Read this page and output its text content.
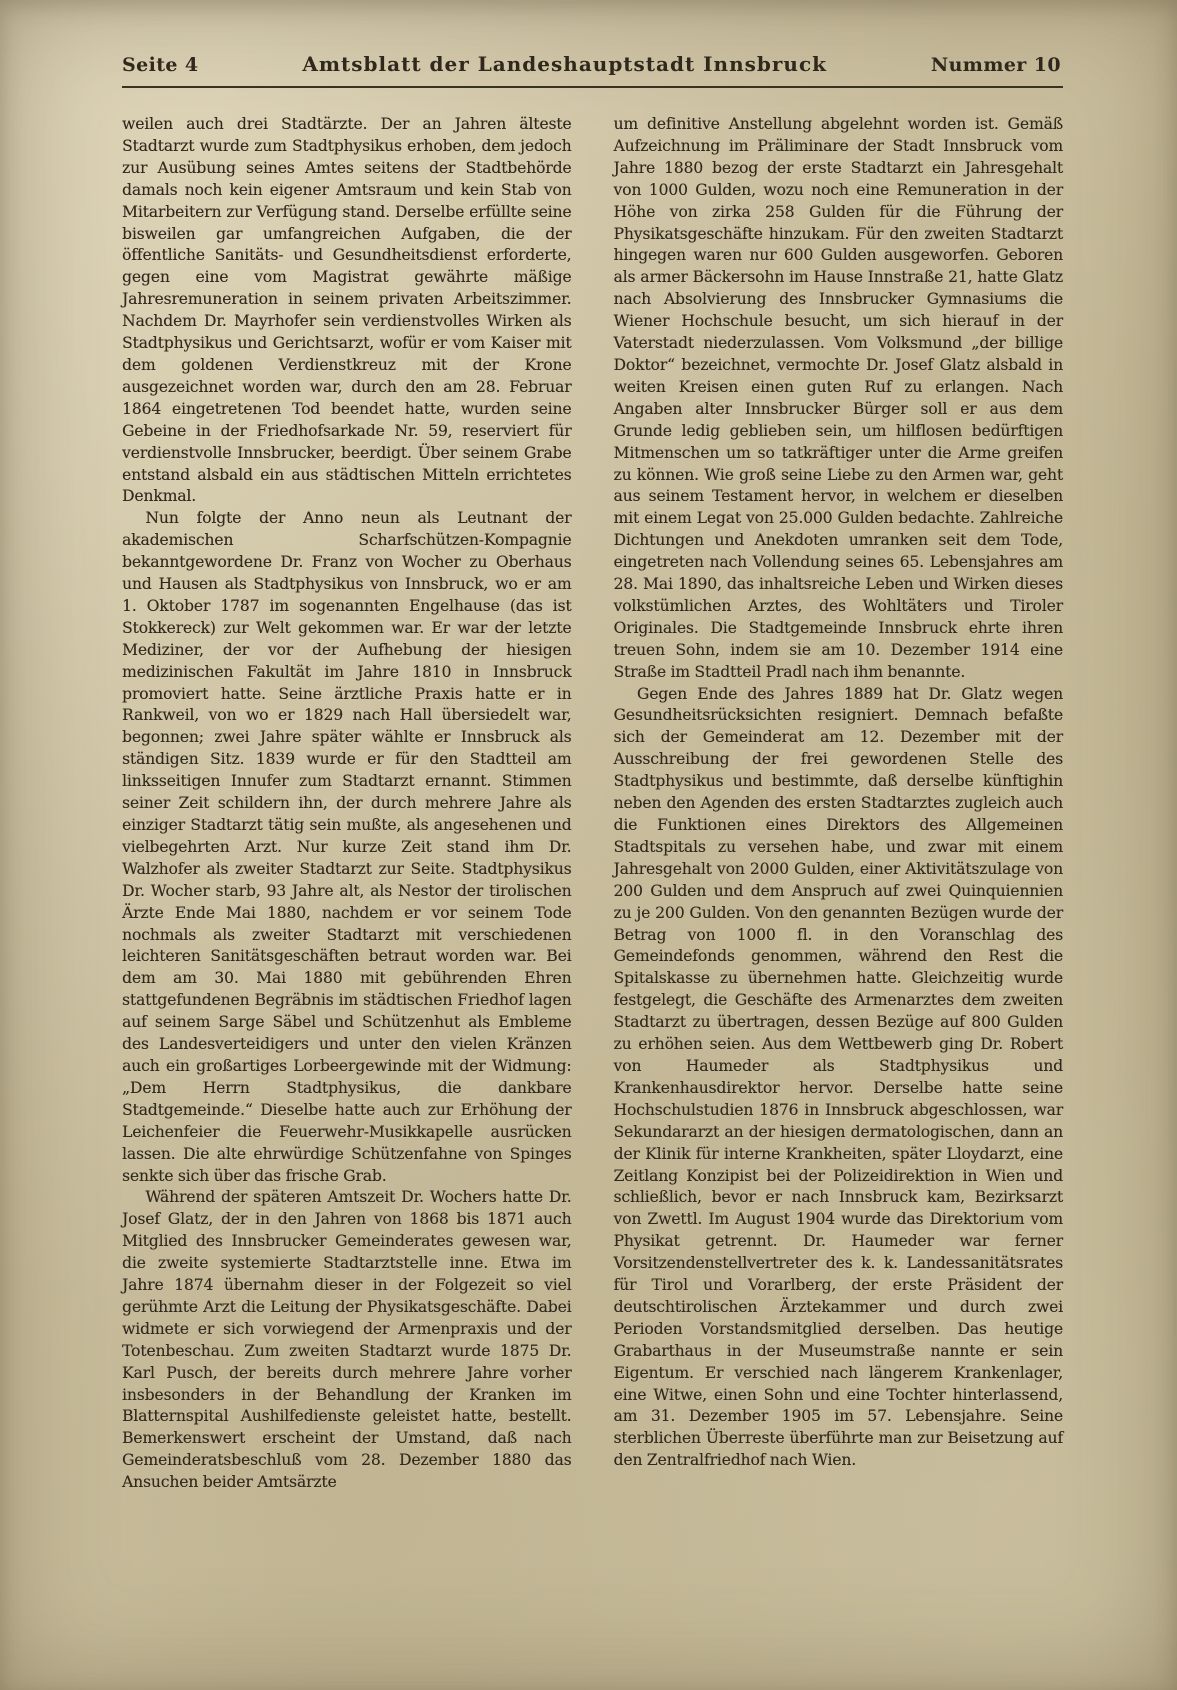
Seite 4	Amtsblatt der Landeshauptstadt Innsbruck	Nummer 10

weilen auch drei Stadtärzte. Der an Jahren älteste Stadtarzt wurde zum Stadtphysikus erhoben, dem jedoch zur Ausübung seines Amtes seitens der Stadtbehörde damals noch kein eigener Amtsraum und kein Stab von Mitarbeitern zur Verfügung stand. Derselbe erfüllte seine bisweilen gar umfangreichen Aufgaben, die der öffentliche Sanitäts- und Gesundheitsdienst erforderte, gegen eine vom Magistrat gewährte mäßige Jahresremuneration in seinem privaten Arbeitszimmer. Nachdem Dr. Mayrhofer sein verdienstvolles Wirken als Stadtphysikus und Gerichtsarzt, wofür er vom Kaiser mit dem goldenen Verdienstkreuz mit der Krone ausgezeichnet worden war, durch den am 28. Februar 1864 eingetretenen Tod beendet hatte, wurden seine Gebeine in der Friedhofsarkade Nr. 59, reserviert für verdienstvolle Innsbrucker, beerdigt. Über seinem Grabe entstand alsbald ein aus städtischen Mitteln errichtetes Denkmal.

Nun folgte der Anno neun als Leutnant der akademischen Scharfschützen-Kompagnie bekanntgewordene Dr. Franz von Wocher zu Oberhaus und Hausen als Stadtphysikus von Innsbruck, wo er am 1. Oktober 1787 im sogenannten Engelhause (das ist Stokkereck) zur Welt gekommen war. Er war der letzte Mediziner, der vor der Aufhebung der hiesigen medizinischen Fakultät im Jahre 1810 in Innsbruck promoviert hatte. Seine ärztliche Praxis hatte er in Rankweil, von wo er 1829 nach Hall übersiedelt war, begonnen; zwei Jahre später wählte er Innsbruck als ständigen Sitz. 1839 wurde er für den Stadtteil am linksseitigen Innufer zum Stadtarzt ernannt. Stimmen seiner Zeit schildern ihn, der durch mehrere Jahre als einziger Stadtarzt tätig sein mußte, als angesehenen und vielbegehrten Arzt. Nur kurze Zeit stand ihm Dr. Walzhofer als zweiter Stadtarzt zur Seite. Stadtphysikus Dr. Wocher starb, 93 Jahre alt, als Nestor der tirolischen Ärzte Ende Mai 1880, nachdem er vor seinem Tode nochmals als zweiter Stadtarzt mit verschiedenen leichteren Sanitätsgeschäften betraut worden war. Bei dem am 30. Mai 1880 mit gebührenden Ehren stattgefundenen Begräbnis im städtischen Friedhof lagen auf seinem Sarge Säbel und Schützenhut als Embleme des Landesverteidigers und unter den vielen Kränzen auch ein großartiges Lorbeergewinde mit der Widmung: „Dem Herrn Stadtphysikus, die dankbare Stadtgemeinde.“ Dieselbe hatte auch zur Erhöhung der Leichenfeier die Feuerwehr-Musikkapelle ausrücken lassen. Die alte ehrwürdige Schützenfahne von Spinges senkte sich über das frische Grab.

Während der späteren Amtszeit Dr. Wochers hatte Dr. Josef Glatz, der in den Jahren von 1868 bis 1871 auch Mitglied des Innsbrucker Gemeinderates gewesen war, die zweite systemierte Stadtarztstelle inne. Etwa im Jahre 1874 übernahm dieser in der Folgezeit so viel gerühmte Arzt die Leitung der Physikatsgeschäfte. Dabei widmete er sich vorwiegend der Armenpraxis und der Totenbeschau. Zum zweiten Stadtarzt wurde 1875 Dr. Karl Pusch, der bereits durch mehrere Jahre vorher insbesonders in der Behandlung der Kranken im Blatternspital Aushilfedienste geleistet hatte, bestellt. Bemerkenswert erscheint der Umstand, daß nach Gemeinderatsbeschluß vom 28. Dezember 1880 das Ansuchen beider Amtsärzte

um definitive Anstellung abgelehnt worden ist. Gemäß Aufzeichnung im Präliminare der Stadt Innsbruck vom Jahre 1880 bezog der erste Stadtarzt ein Jahresgehalt von 1000 Gulden, wozu noch eine Remuneration in der Höhe von zirka 258 Gulden für die Führung der Physikatsgeschäfte hinzukam. Für den zweiten Stadtarzt hingegen waren nur 600 Gulden ausgeworfen. Geboren als armer Bäckersohn im Hause Innstraße 21, hatte Glatz nach Absolvierung des Innsbrucker Gymnasiums die Wiener Hochschule besucht, um sich hierauf in der Vaterstadt niederzulassen. Vom Volksmund „der billige Doktor“ bezeichnet, vermochte Dr. Josef Glatz alsbald in weiten Kreisen einen guten Ruf zu erlangen. Nach Angaben alter Innsbrucker Bürger soll er aus dem Grunde ledig geblieben sein, um hilflosen bedürftigen Mitmenschen um so tatkräftiger unter die Arme greifen zu können. Wie groß seine Liebe zu den Armen war, geht aus seinem Testament hervor, in welchem er dieselben mit einem Legat von 25.000 Gulden bedachte. Zahlreiche Dichtungen und Anekdoten umranken seit dem Tode, eingetreten nach Vollendung seines 65. Lebensjahres am 28. Mai 1890, das inhaltsreiche Leben und Wirken dieses volkstümlichen Arztes, des Wohltäters und Tiroler Originales. Die Stadtgemeinde Innsbruck ehrte ihren treuen Sohn, indem sie am 10. Dezember 1914 eine Straße im Stadtteil Pradl nach ihm benannte.

Gegen Ende des Jahres 1889 hat Dr. Glatz wegen Gesundheitsrücksichten resigniert. Demnach befaßte sich der Gemeinderat am 12. Dezember mit der Ausschreibung der frei gewordenen Stelle des Stadtphysikus und bestimmte, daß derselbe künftighin neben den Agenden des ersten Stadtarztes zugleich auch die Funktionen eines Direktors des Allgemeinen Stadtspitals zu versehen habe, und zwar mit einem Jahresgehalt von 2000 Gulden, einer Aktivitätszulage von 200 Gulden und dem Anspruch auf zwei Quinquiennien zu je 200 Gulden. Von den genannten Bezügen wurde der Betrag von 1000 fl. in den Voranschlag des Gemeindefonds genommen, während den Rest die Spitalskasse zu übernehmen hatte. Gleichzeitig wurde festgelegt, die Geschäfte des Armenarztes dem zweiten Stadtarzt zu übertragen, dessen Bezüge auf 800 Gulden zu erhöhen seien. Aus dem Wettbewerb ging Dr. Robert von Haumeder als Stadtphysikus und Krankenhausdirektor hervor. Derselbe hatte seine Hochschulstudien 1876 in Innsbruck abgeschlossen, war Sekundararzt an der hiesigen dermatologischen, dann an der Klinik für interne Krankheiten, später Lloydarzt, eine Zeitlang Konzipist bei der Polizeidirektion in Wien und schließlich, bevor er nach Innsbruck kam, Bezirksarzt von Zwettl. Im August 1904 wurde das Direktorium vom Physikat getrennt. Dr. Haumeder war ferner Vorsitzendenstellvertreter des k. k. Landessanitätsrates für Tirol und Vorarlberg, der erste Präsident der deutschtirolischen Ärztekammer und durch zwei Perioden Vorstandsmitglied derselben. Das heutige Grabarthaus in der Museumstraße nannte er sein Eigentum. Er verschied nach längerem Krankenlager, eine Witwe, einen Sohn und eine Tochter hinterlassend, am 31. Dezember 1905 im 57. Lebensjahre. Seine sterblichen Überreste überführte man zur Beisetzung auf den Zentralfriedhof nach Wien.
